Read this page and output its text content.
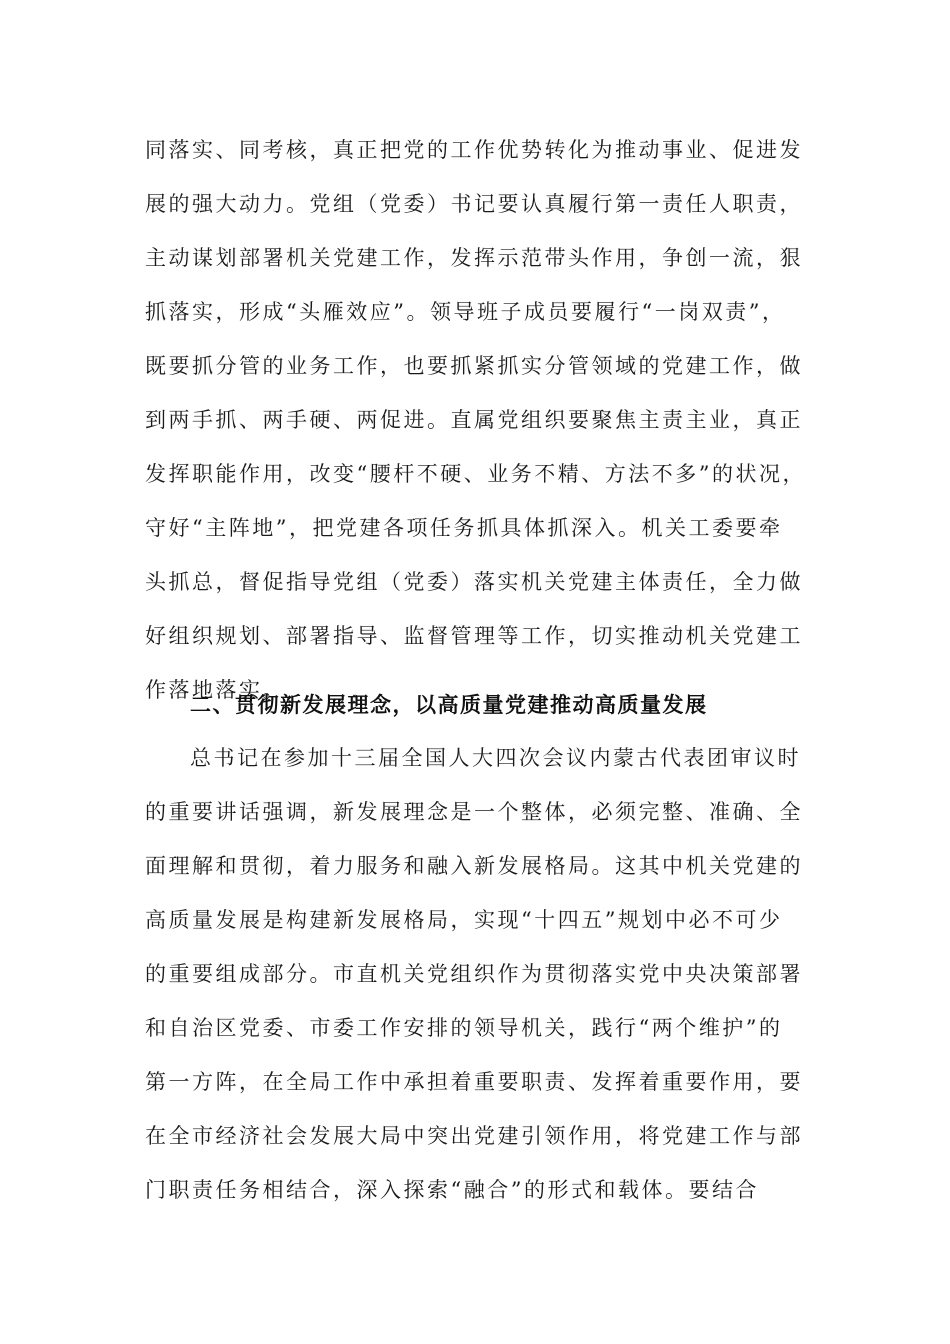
同落实、同考核，真正把党的工作优势转化为推动事业、促进发
展的强大动力。党组（党委）书记要认真履行第一责任人职责，
主动谋划部署机关党建工作，发挥示范带头作用，争创一流，狠
抓落实，形成“头雁效应”。领导班子成员要履行“一岗双责”，
既要抓分管的业务工作，也要抓紧抓实分管领域的党建工作，做
到两手抓、两手硬、两促进。直属党组织要聚焦主责主业，真正
发挥职能作用，改变“腰杆不硬、业务不精、方法不多”的状况，
守好“主阵地”，把党建各项任务抓具体抓深入。机关工委要牵
头抓总，督促指导党组（党委）落实机关党建主体责任，全力做
好组织规划、部署指导、监督管理等工作，切实推动机关党建工
作落地落实。
二、贯彻新发展理念，以高质量党建推动高质量发展
总书记在参加十三届全国人大四次会议内蒙古代表团审议时
的重要讲话强调，新发展理念是一个整体，必须完整、准确、全
面理解和贯彻，着力服务和融入新发展格局。这其中机关党建的
高质量发展是构建新发展格局，实现“十四五”规划中必不可少
的重要组成部分。市直机关党组织作为贯彻落实党中央决策部署
和自治区党委、市委工作安排的领导机关，践行“两个维护”的
第一方阵，在全局工作中承担着重要职责、发挥着重要作用，要
在全市经济社会发展大局中突出党建引领作用，将党建工作与部
门职责任务相结合，深入探索“融合”的形式和载体。要结合
